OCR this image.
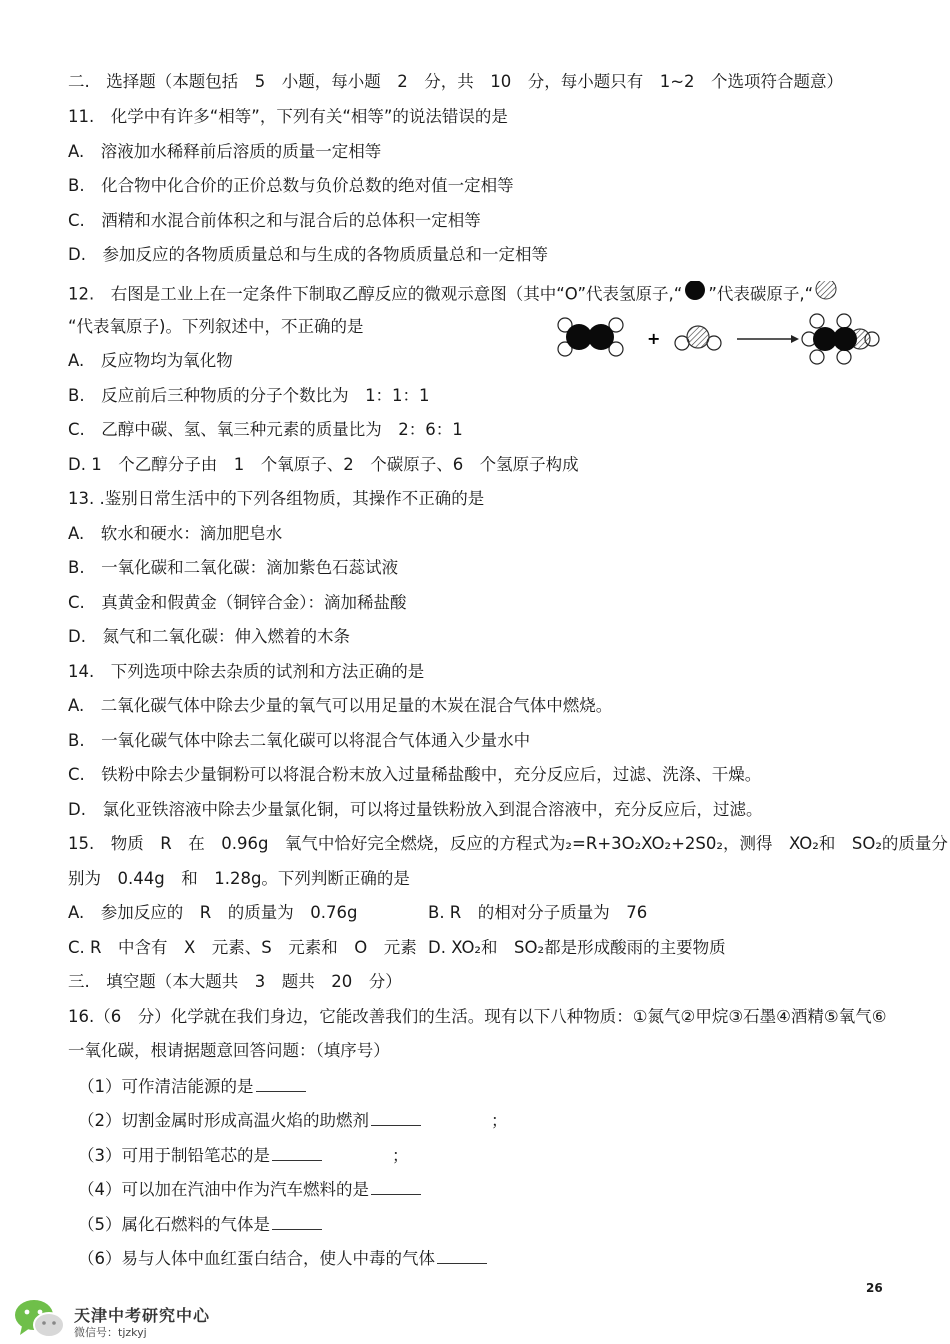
二.　选择题（本题包括　5　小题，每小题　2　分，共　10　分，每小题只有　1~2　个选项符合题意）
11.　化学中有许多“相等”，下列有关“相等”的说法错误的是
A.　溶液加水稀释前后溶质的质量一定相等
B.　化合物中化合价的正价总数与负价总数的绝对值一定相等
C.　酒精和水混合前体积之和与混合后的总体积一定相等
D.　参加反应的各物质质量总和与生成的各物质质量总和一定相等
12.　右图是工业上在一定条件下制取乙醇反应的微观示意图（其中“O”代表氢原子,“ ”代表碳原子,“
“代表氧原子)。下列叙述中，不正确的是
+
A.　反应物均为氧化物
B.　反应前后三种物质的分子个数比为　1：1：1
C.　乙醇中碳、氢、氧三种元素的质量比为　2：6：1
D. 1　个乙醇分子由　1　个氧原子、2　个碳原子、6　个氢原子构成
13. .鉴别日常生活中的下列各组物质，其操作不正确的是
A.　软水和硬水：滴加肥皂水
B.　一氧化碳和二氧化碳：滴加紫色石蕊试液
C.　真黄金和假黄金（铜锌合金）：滴加稀盐酸
D.　氮气和二氧化碳：伸入燃着的木条
14.　下列选项中除去杂质的试剂和方法正确的是
A.　二氧化碳气体中除去少量的氧气可以用足量的木炭在混合气体中燃烧。
B.　一氧化碳气体中除去二氧化碳可以将混合气体通入少量水中
C.　铁粉中除去少量铜粉可以将混合粉末放入过量稀盐酸中，充分反应后，过滤、洗涤、干燥。
D.　氯化亚铁溶液中除去少量氯化铜，可以将过量铁粉放入到混合溶液中，充分反应后，过滤。
15.　物质　R　在　0.96g　氧气中恰好完全燃烧，反应的方程式为₂=R+3O₂XO₂+2S0₂，测得　XO₂和　SO₂的质量分
别为　0.44g　和　1.28g。下列判断正确的是
A.　参加反应的　R　的质量为　0.76g	B. R　的相对分子质量为　76
C. R　中含有　X　元素、S　元素和　O　元素 D. XO₂和　SO₂都是形成酸雨的主要物质
三.　填空题（本大题共　3　题共　20　分）
16.（6　分）化学就在我们身边，它能改善我们的生活。现有以下八种物质：①氮气②甲烷③石墨④酒精⑤氧气⑥
一氧化碳，根请据题意回答问题：（填序号）
（1）可作清洁能源的是
（2）切割金属时形成高温火焰的助燃剂	；
（3）可用于制铅笔芯的是	；
（4）可以加在汽油中作为汽车燃料的是
（5）属化石燃料的气体是
（6）易与人体中血红蛋白结合，使人中毒的气体
26
天津中考研究中心
微信号：tjzkyj
